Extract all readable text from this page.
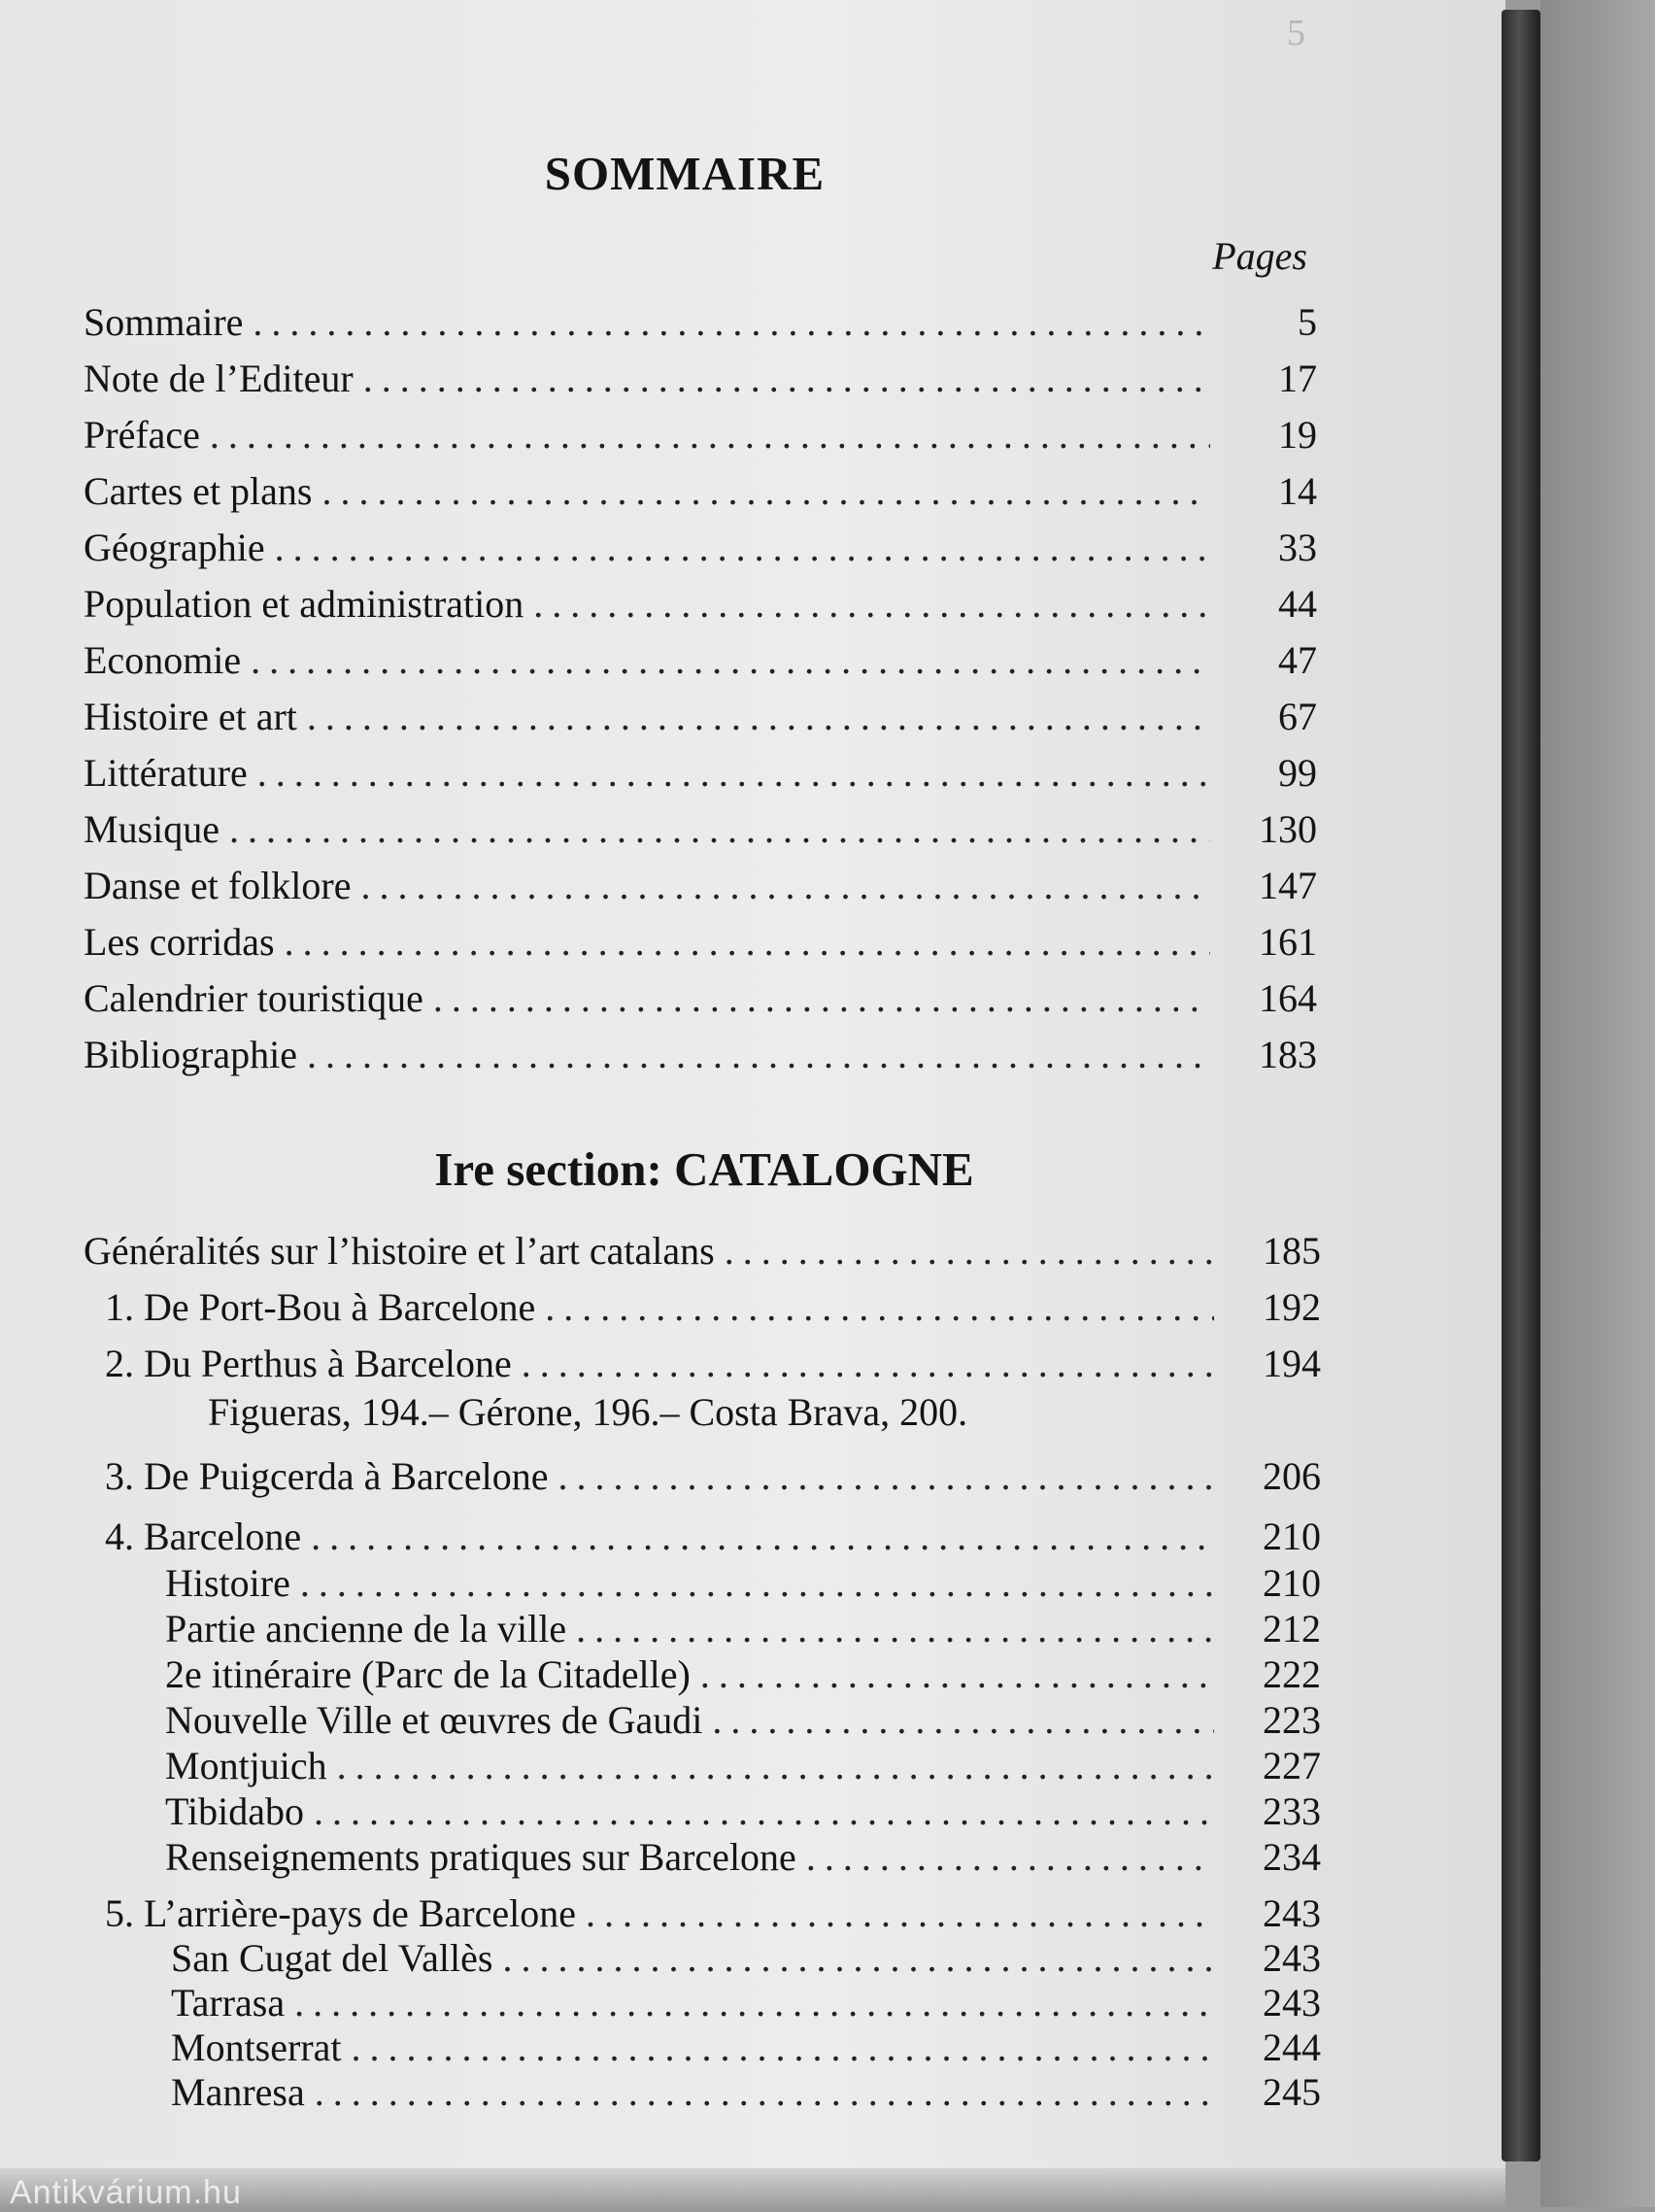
5
SOMMAIRE
Pages
Sommaire .....	5
Note de l’Editeur .....	17
Préface .....	19
Cartes et plans .....	14
Géographie .....	33
Population et administration .....	44
Economie .....	47
Histoire et art .....	67
Littérature .....	99
Musique .....	130
Danse et folklore .....	147
Les corridas .....	161
Calendrier touristique .....	164
Bibliographie .....	183
Ire section: CATALOGNE
Généralités sur l’histoire et l’art catalans .....	185
1. De Port-Bou à Barcelone .....	192
2. Du Perthus à Barcelone .....	194
Figueras, 194.– Gérone, 196.– Costa Brava, 200.
3. De Puigcerda à Barcelone .....	206
4. Barcelone .....	210
Histoire .....	210
Partie ancienne de la ville .....	212
2e itinéraire (Parc de la Citadelle) .....	222
Nouvelle Ville et œuvres de Gaudi .....	223
Montjuich .....	227
Tibidabo .....	233
Renseignements pratiques sur Barcelone .....	234
5. L’arrière-pays de Barcelone .....	243
San Cugat del Vallès .....	243
Tarrasa .....	243
Montserrat .....	244
Manresa .....	245
Antikvárium.hu
